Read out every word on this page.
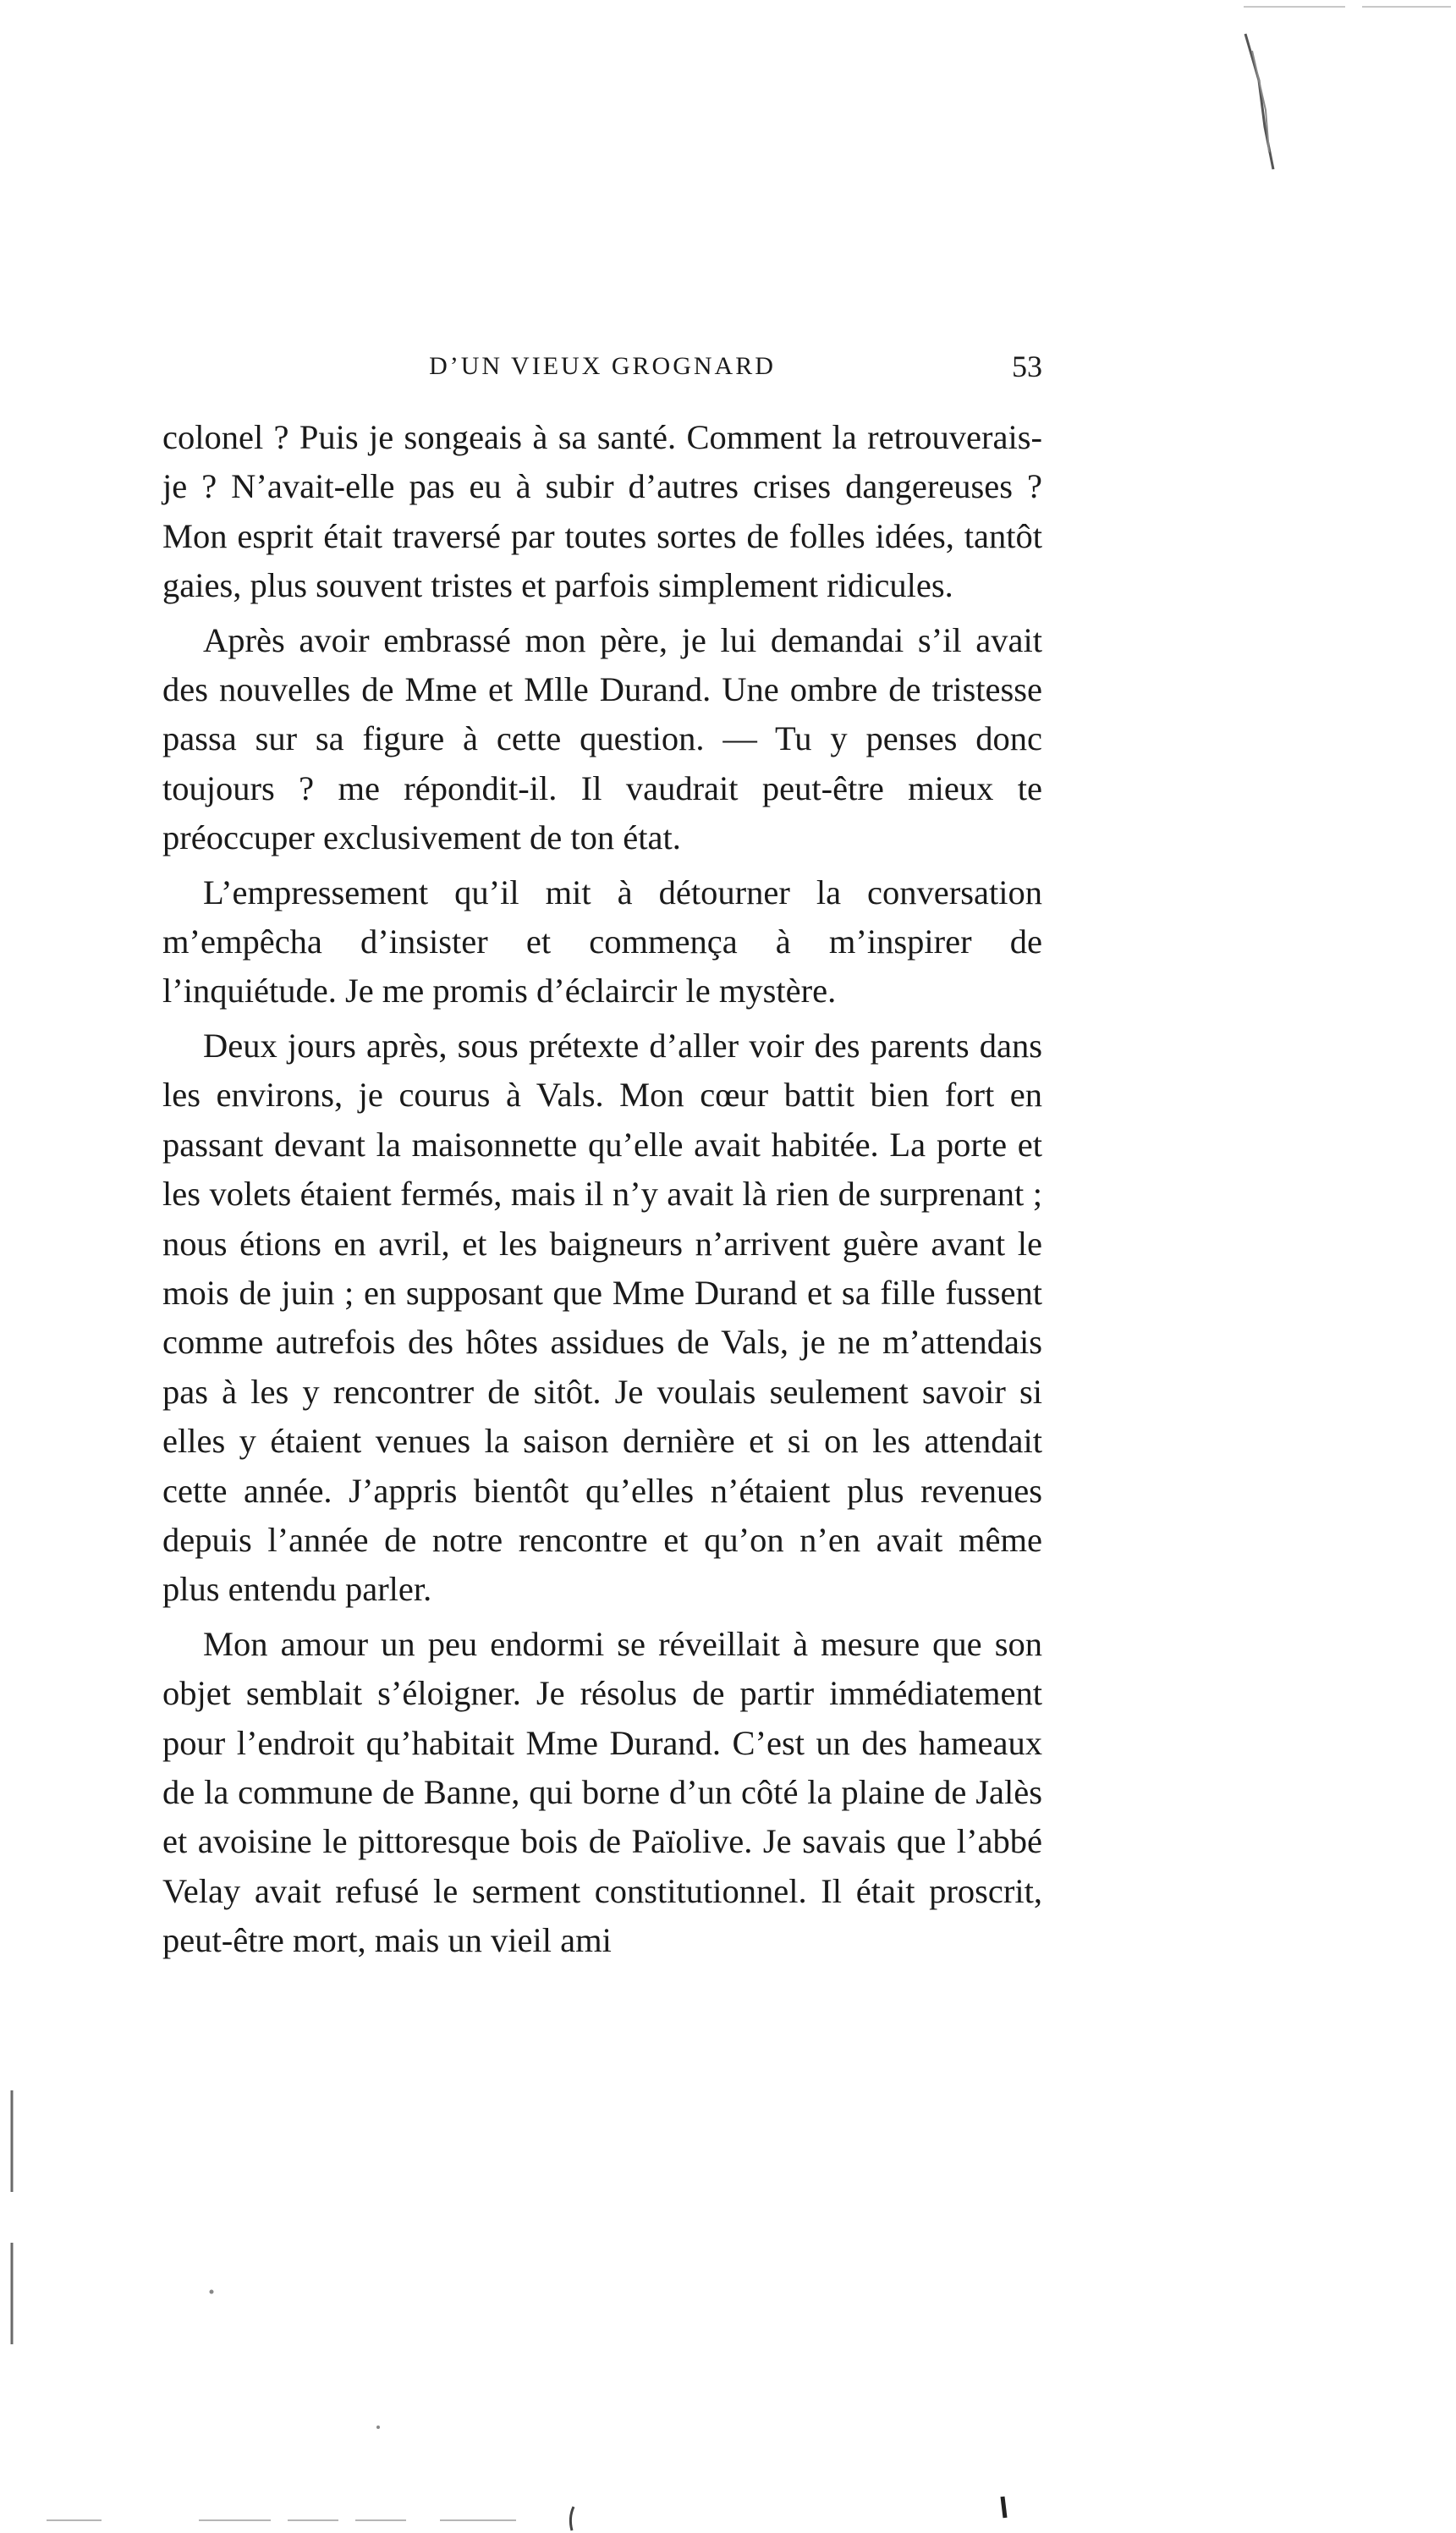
D’UN VIEUX GROGNARD	53

colonel ? Puis je songeais à sa santé. Comment la retrouverais-je ? N’avait-elle pas eu à subir d’autres crises dangereuses ? Mon esprit était traversé par toutes sortes de folles idées, tantôt gaies, plus souvent tristes et parfois simplement ridicules.

Après avoir embrassé mon père, je lui demandai s’il avait des nouvelles de Mme et Mlle Durand. Une ombre de tristesse passa sur sa figure à cette question. — Tu y penses donc toujours ? me répondit-il. Il vaudrait peut-être mieux te préoccuper exclusivement de ton état.

L’empressement qu’il mit à détourner la conversation m’empêcha d’insister et commença à m’inspirer de l’inquiétude. Je me promis d’éclaircir le mystère.

Deux jours après, sous prétexte d’aller voir des parents dans les environs, je courus à Vals. Mon cœur battit bien fort en passant devant la maisonnette qu’elle avait habitée. La porte et les volets étaient fermés, mais il n’y avait là rien de surprenant ; nous étions en avril, et les baigneurs n’arrivent guère avant le mois de juin ; en supposant que Mme Durand et sa fille fussent comme autrefois des hôtes assidues de Vals, je ne m’attendais pas à les y rencontrer de sitôt. Je voulais seulement savoir si elles y étaient venues la saison dernière et si on les attendait cette année. J’appris bientôt qu’elles n’étaient plus revenues depuis l’année de notre rencontre et qu’on n’en avait même plus entendu parler.

Mon amour un peu endormi se réveillait à mesure que son objet semblait s’éloigner. Je résolus de partir immédiatement pour l’endroit qu’habitait Mme Durand. C’est un des hameaux de la commune de Banne, qui borne d’un côté la plaine de Jalès et avoisine le pittoresque bois de Païolive. Je savais que l’abbé Velay avait refusé le serment constitutionnel. Il était proscrit, peut-être mort, mais un vieil ami
